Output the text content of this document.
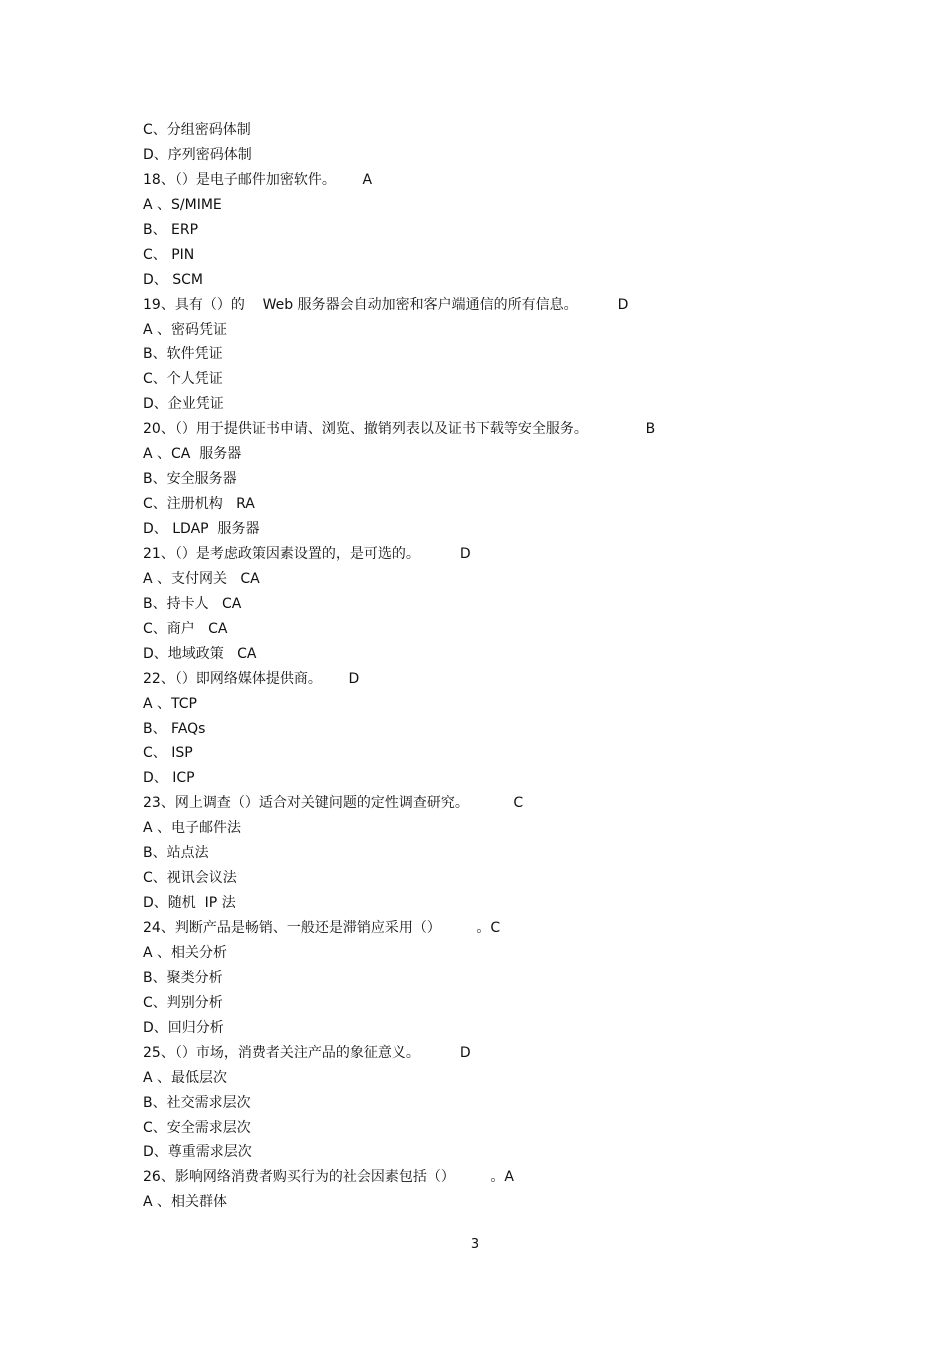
C、分组密码体制
D、序列密码体制
18、（）是电子邮件加密软件。      A
A 、S/MIME
B、 ERP
C、 PIN
D、 SCM
19、具有（）的    Web 服务器会自动加密和客户端通信的所有信息。         D
A 、密码凭证
B、软件凭证
C、个人凭证
D、企业凭证
20、（）用于提供证书申请、浏览、撤销列表以及证书下载等安全服务。             B
A 、CA  服务器
B、安全服务器
C、注册机构   RA
D、 LDAP  服务器
21、（）是考虑政策因素设置的，是可选的。         D
A 、支付网关   CA
B、持卡人   CA
C、商户   CA
D、地域政策   CA
22、（）即网络媒体提供商。      D
A 、TCP
B、 FAQs
C、 ISP
D、 ICP
23、网上调查（）适合对关键问题的定性调查研究。          C
A 、电子邮件法
B、站点法
C、视讯会议法
D、随机  IP 法
24、判断产品是畅销、一般还是滞销应采用（）        。C
A 、相关分析
B、聚类分析
C、判别分析
D、回归分析
25、（）市场，消费者关注产品的象征意义。         D
A 、最低层次
B、社交需求层次
C、安全需求层次
D、尊重需求层次
26、影响网络消费者购买行为的社会因素包括（）        。A
A 、相关群体
3
